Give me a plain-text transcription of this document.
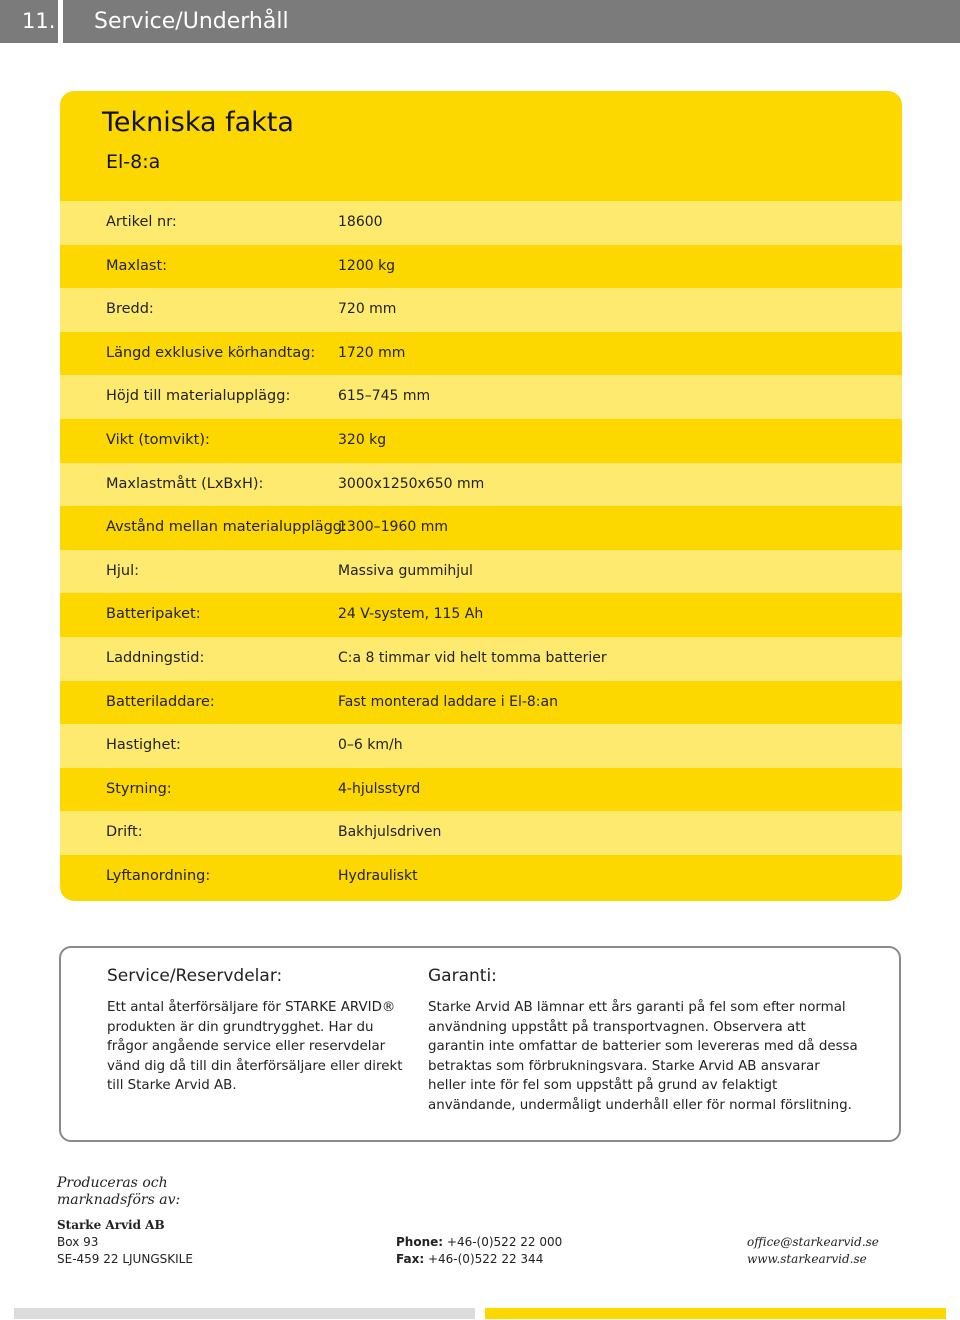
11. Service/Underhåll
Tekniska fakta
El-8:a
Artikel nr:	18600
Maxlast:	1200 kg
Bredd:	720 mm
Längd exklusive körhandtag: 1720 mm
Höjd till materialupplägg:	615–745 mm
Vikt (tomvikt):	320 kg
Maxlastmått (LxBxH):	3000x1250x650 mm
Avstånd mellan materialupplägg:
1300–1960 mm
Hjul:	Massiva gummihjul
Batteripaket:	24 V-system, 115 Ah
Laddningstid:	C:a 8 timmar vid helt tomma batterier
Batteriladdare:	Fast monterad laddare i El-8:an
Hastighet:	0–6 km/h
Styrning:	4-hjulsstyrd
Drift:	Bakhjulsdriven
Lyftanordning:	Hydrauliskt
Service/Reservdelar:

Ett antal återförsäljare för STARKE ARVID® produkten är din grundtrygghet. Har du frågor angående service eller reservdelar vänd dig då till din återförsäljare eller direkt till Starke Arvid AB.

Garanti:

Starke Arvid AB lämnar ett års garanti på fel som efter normal användning uppstått på transportvagnen. Observera att garantin inte omfattar de batterier som levereras med då dessa betraktas som förbrukningsvara. Starke Arvid AB ansvarar heller inte för fel som uppstått på grund av felaktigt användande, undermåligt underhåll eller för normal förslitning.

Produceras och
marknadsförs av:
Starke Arvid AB
Box 93
SE-459 22 LJUNGSKILE
Phone: +46-(0)522 22 000
Fax: +46-(0)522 22 344
office@starkearvid.se
www.starkearvid.se
